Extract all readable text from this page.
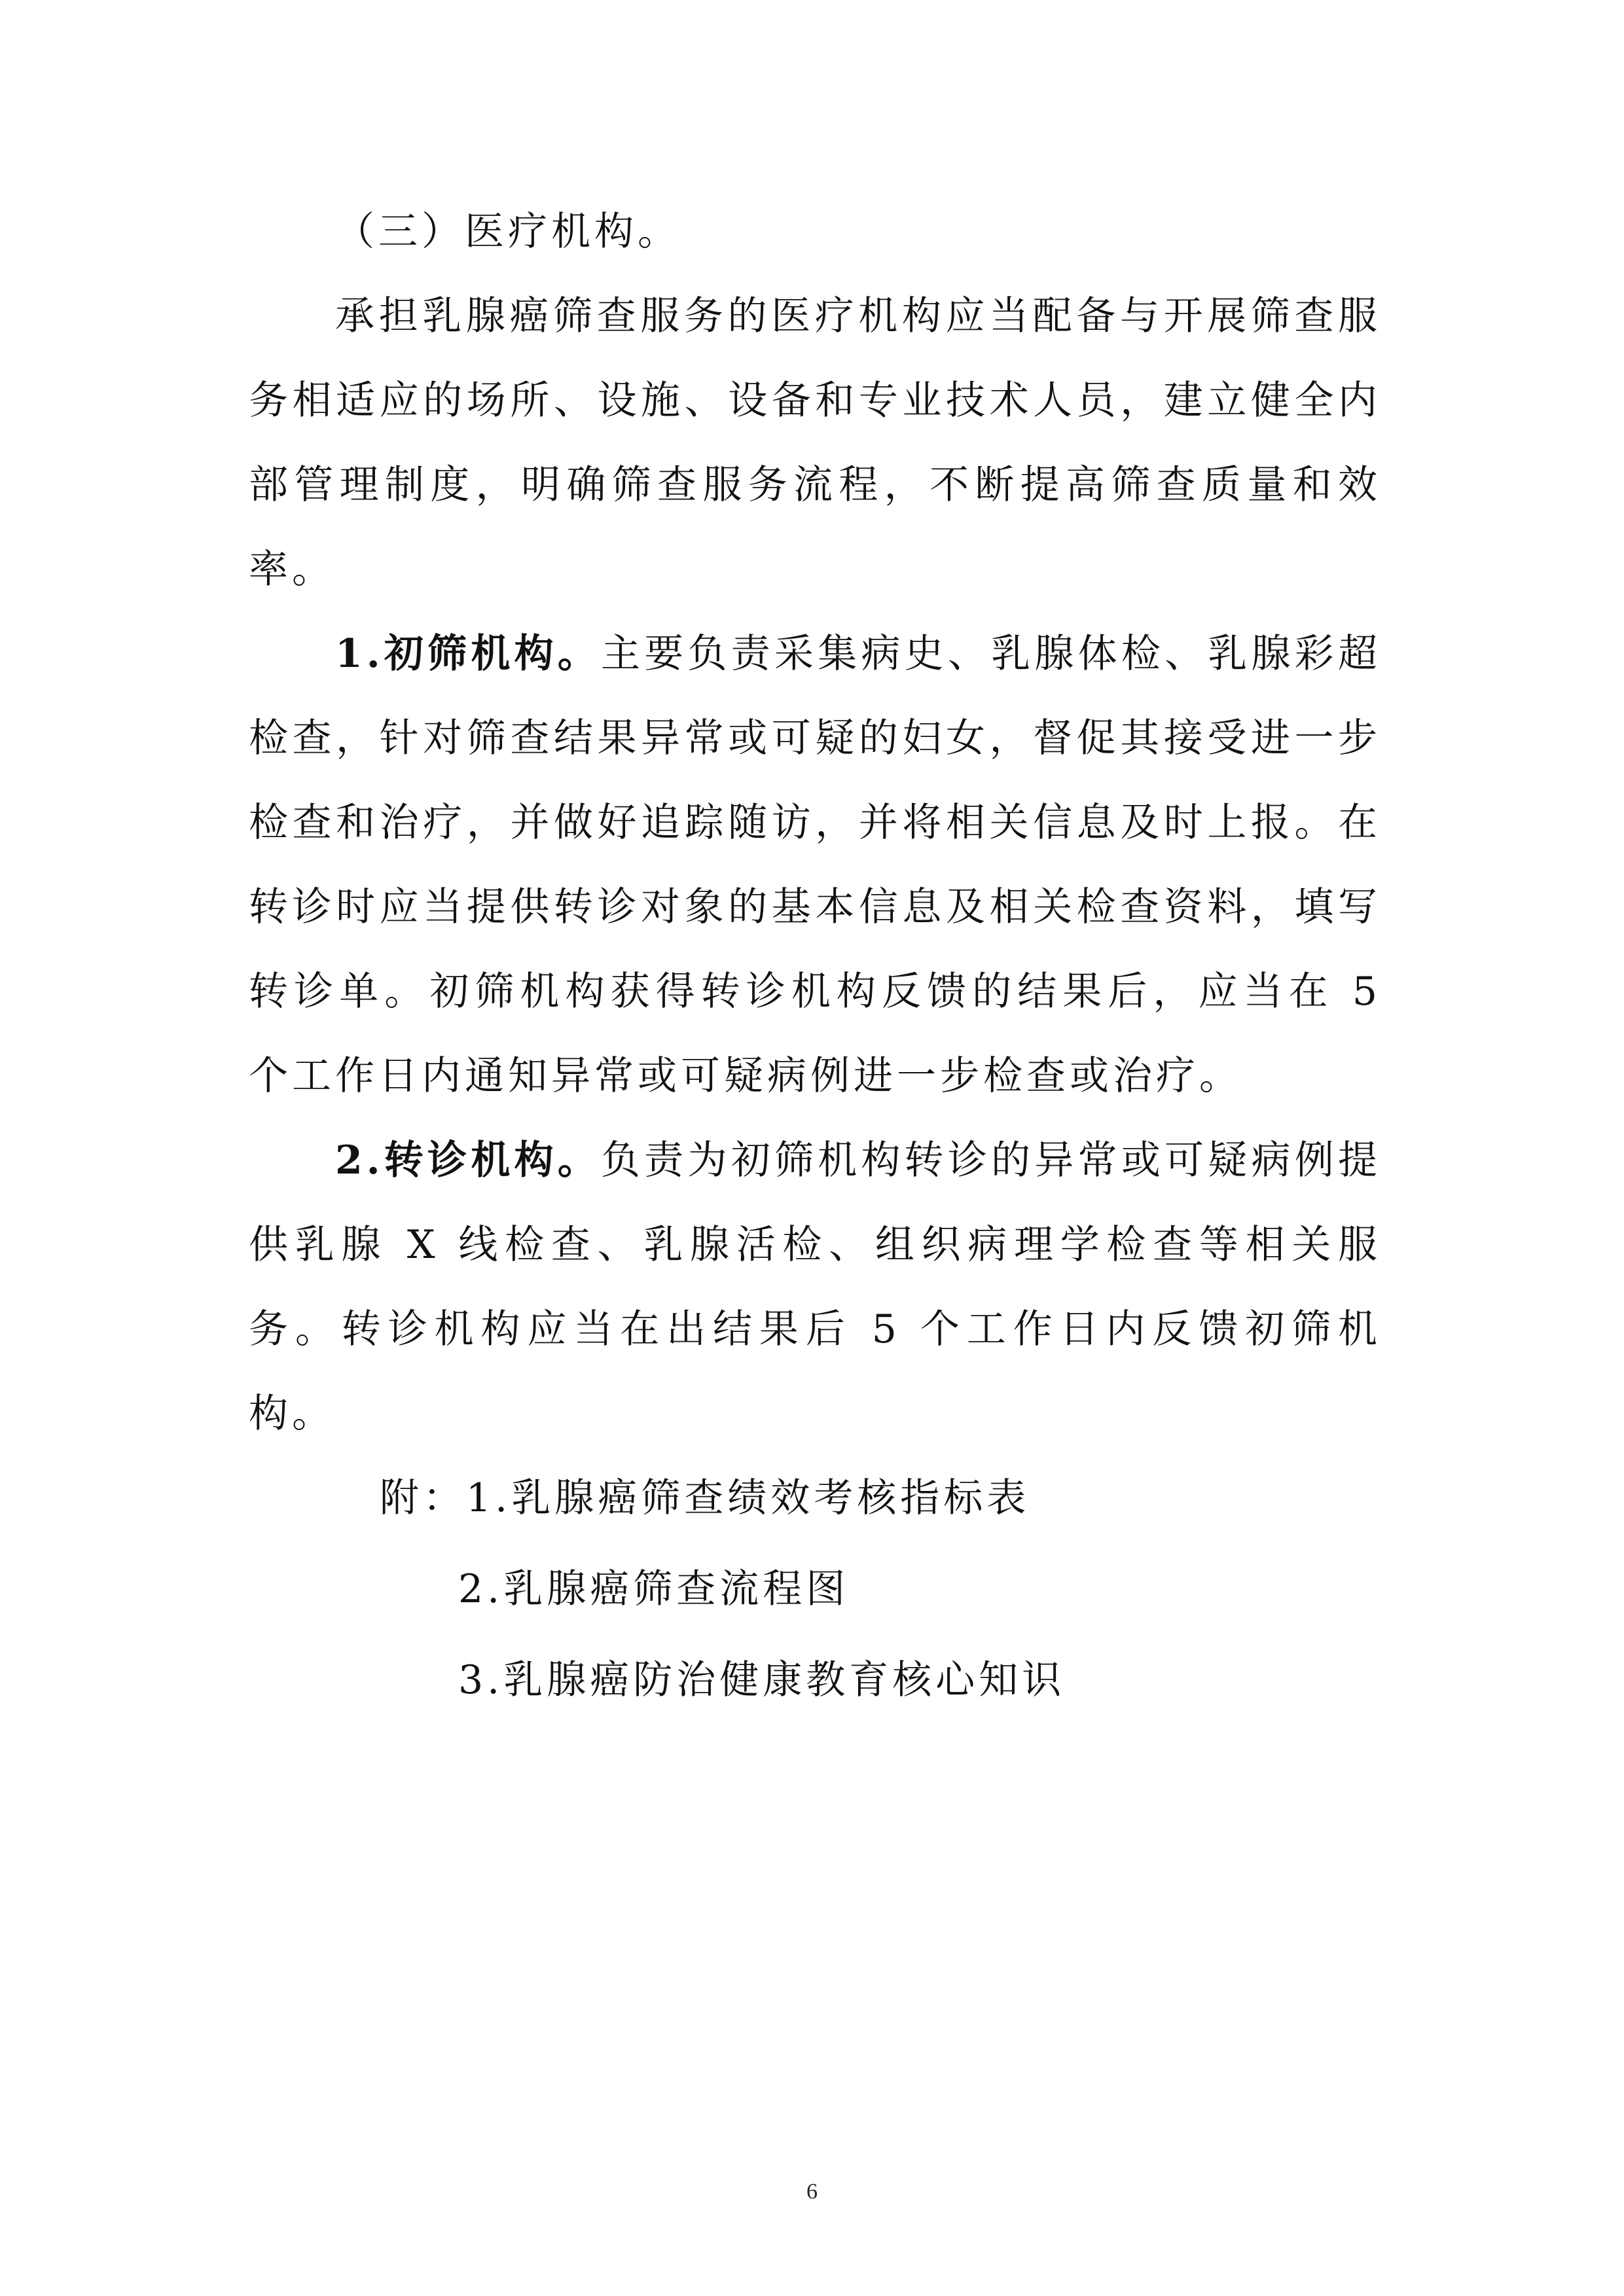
（三）医疗机构。

承担乳腺癌筛查服务的医疗机构应当配备与开展筛查服务相适应的场所、设施、设备和专业技术人员，建立健全内部管理制度，明确筛查服务流程，不断提高筛查质量和效率。

1.初筛机构。主要负责采集病史、乳腺体检、乳腺彩超检查，针对筛查结果异常或可疑的妇女，督促其接受进一步检查和治疗，并做好追踪随访，并将相关信息及时上报。在转诊时应当提供转诊对象的基本信息及相关检查资料，填写转诊单。初筛机构获得转诊机构反馈的结果后，应当在 5 个工作日内通知异常或可疑病例进一步检查或治疗。

2.转诊机构。负责为初筛机构转诊的异常或可疑病例提供乳腺 X 线检查、乳腺活检、组织病理学检查等相关服务。转诊机构应当在出结果后 5 个工作日内反馈初筛机构。

附：1.乳腺癌筛查绩效考核指标表
2.乳腺癌筛查流程图
3.乳腺癌防治健康教育核心知识
6
